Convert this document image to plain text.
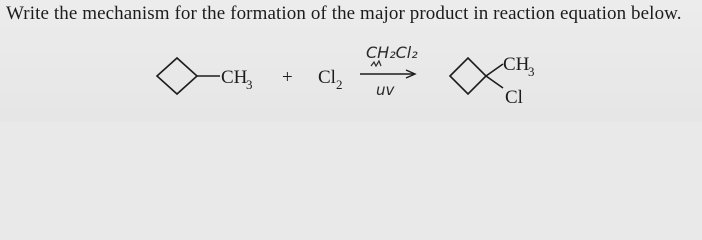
Write the mechanism for the formation of the major product in reaction equation below.
CH
3 + Cl 2
CH₂Cl₂
uv
CH
3
Cl
